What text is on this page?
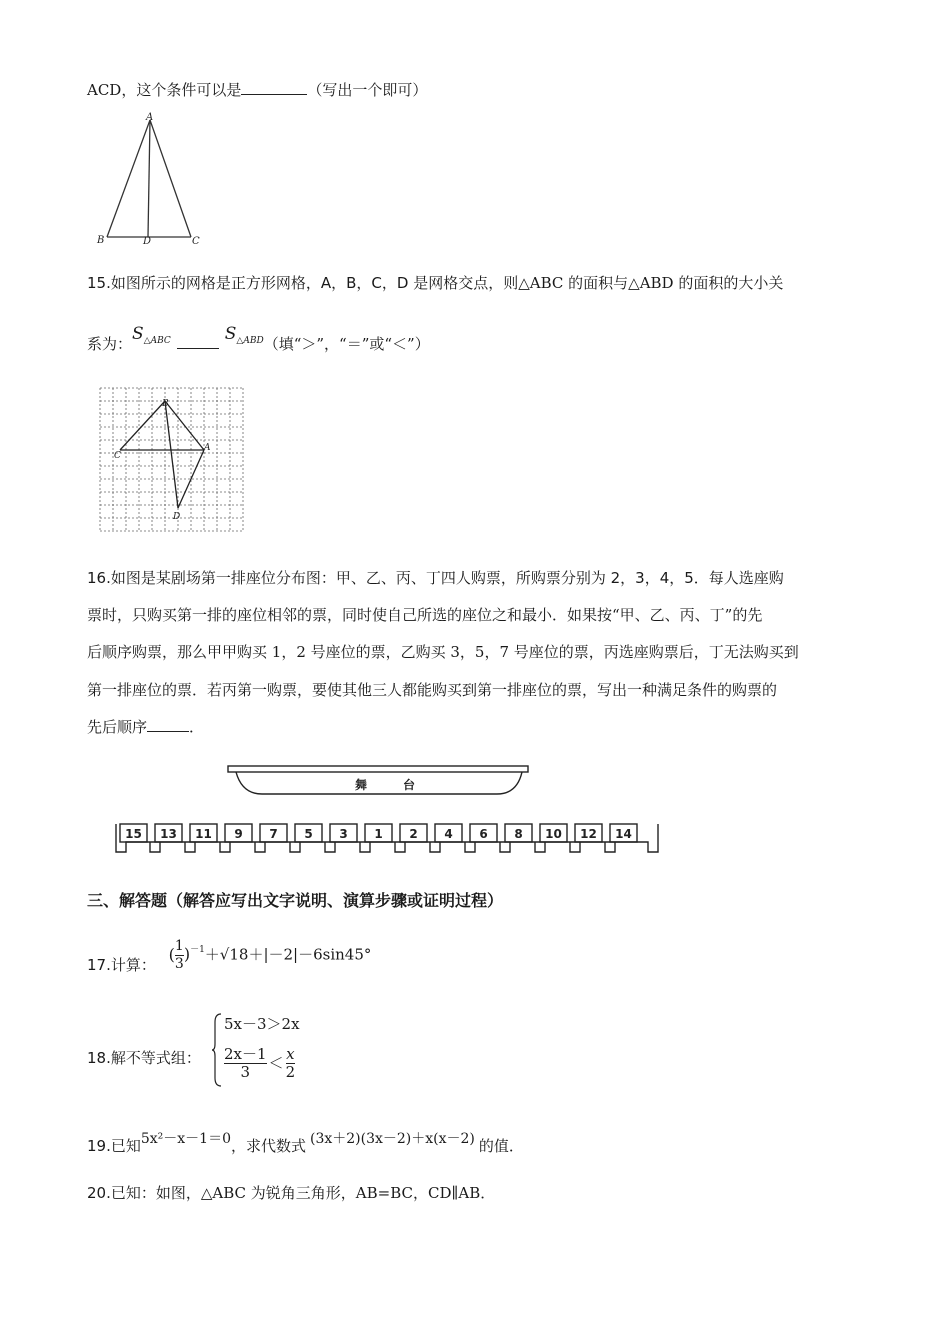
ACD，这个条件可以是	（写出一个即可）
A
B	D	C
15.如图所示的网格是正方形网格，A，B，C，D 是网格交点，则△ABC 的面积与△ABD 的面积的大小关
系为：$S^{\triangle ABC}$	$S^{\triangle ABD}$（填“＞”，“＝”或“＜”）
B
C
A
D
16.如图是某剧场第一排座位分布图：甲、乙、丙、丁四人购票，所购票分别为 2，3，4，5．每人选座购
票时，只购买第一排的座位相邻的票，同时使自己所选的座位之和最小．如果按“甲、乙、丙、丁”的先
后顺序购票，那么甲甲购买 1，2 号座位的票，乙购买 3，5，7 号座位的票，丙选座购票后，丁无法购买到
第一排座位的票．若丙第一购票，要使其他三人都能购买到第一排座位的票，写出一种满足条件的购票的
先后顺序	．
舞　　　台
15 13 11 9 7 5 3 1 2 4 6 8 10 12 14
三、解答题（解答应写出文字说明、演算步骤或证明过程）
17.计算： ( $\frac{1}{3} )^{-1}+√18+|-2|-6\sin 45^\circ$
18.解不等式组：
5x－3＞2x
$\frac{2x-1}{3} < \frac{x}{2}$
19.已知5x²－x－1＝0，求代数式 (3x＋2)(3x－2)＋x(x－2) 的值．
20.已知：如图，△ABC 为锐角三角形，AB=BC，CD∥AB．
